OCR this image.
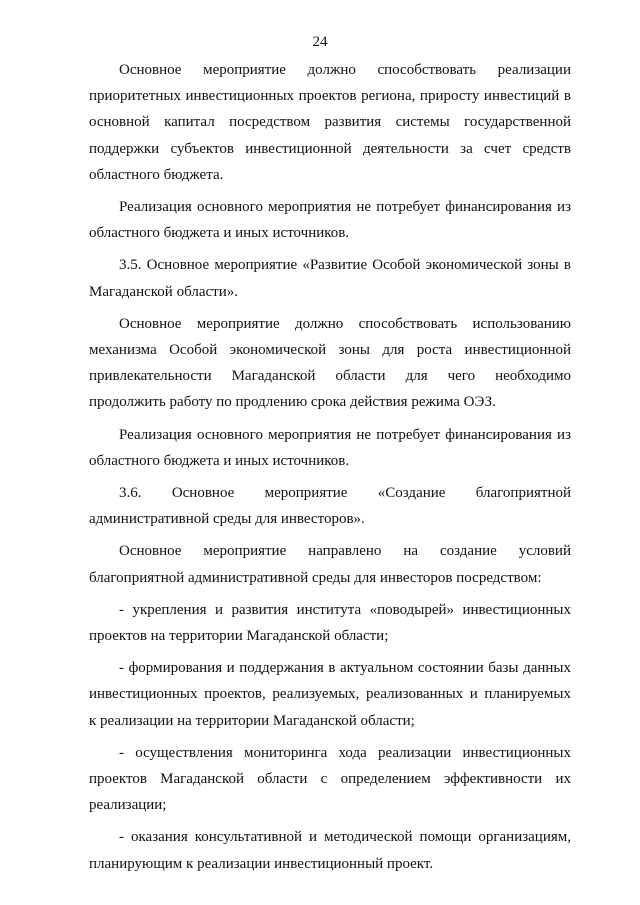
24
Основное мероприятие должно способствовать реализации
приоритетных инвестиционных проектов региона, приросту инвестиций в
основной капитал посредством развития системы государственной
поддержки субъектов инвестиционной деятельности за счет средств
областного бюджета.
Реализация основного мероприятия не потребует финансирования из
областного бюджета и иных источников.
3.5. Основное мероприятие «Развитие Особой экономической зоны в
Магаданской области».
Основное мероприятие должно способствовать использованию
механизма Особой экономической зоны для роста инвестиционной
привлекательности Магаданской области для чего необходимо
продолжить работу по продлению срока действия режима ОЭЗ.
Реализация основного мероприятия не потребует финансирования из
областного бюджета и иных источников.
3.6. Основное мероприятие «Создание благоприятной
административной среды для инвесторов».
Основное мероприятие направлено на создание условий
благоприятной административной среды для инвесторов посредством:
- укрепления и развития института «поводырей» инвестиционных
проектов на территории Магаданской области;
- формирования и поддержания в актуальном состоянии базы данных
инвестиционных проектов, реализуемых, реализованных и планируемых
к реализации на территории Магаданской области;
- осуществления мониторинга хода реализации инвестиционных
проектов Магаданской области с определением эффективности их
реализации;
- оказания консультативной и методической помощи организациям,
планирующим к реализации инвестиционный проект.
